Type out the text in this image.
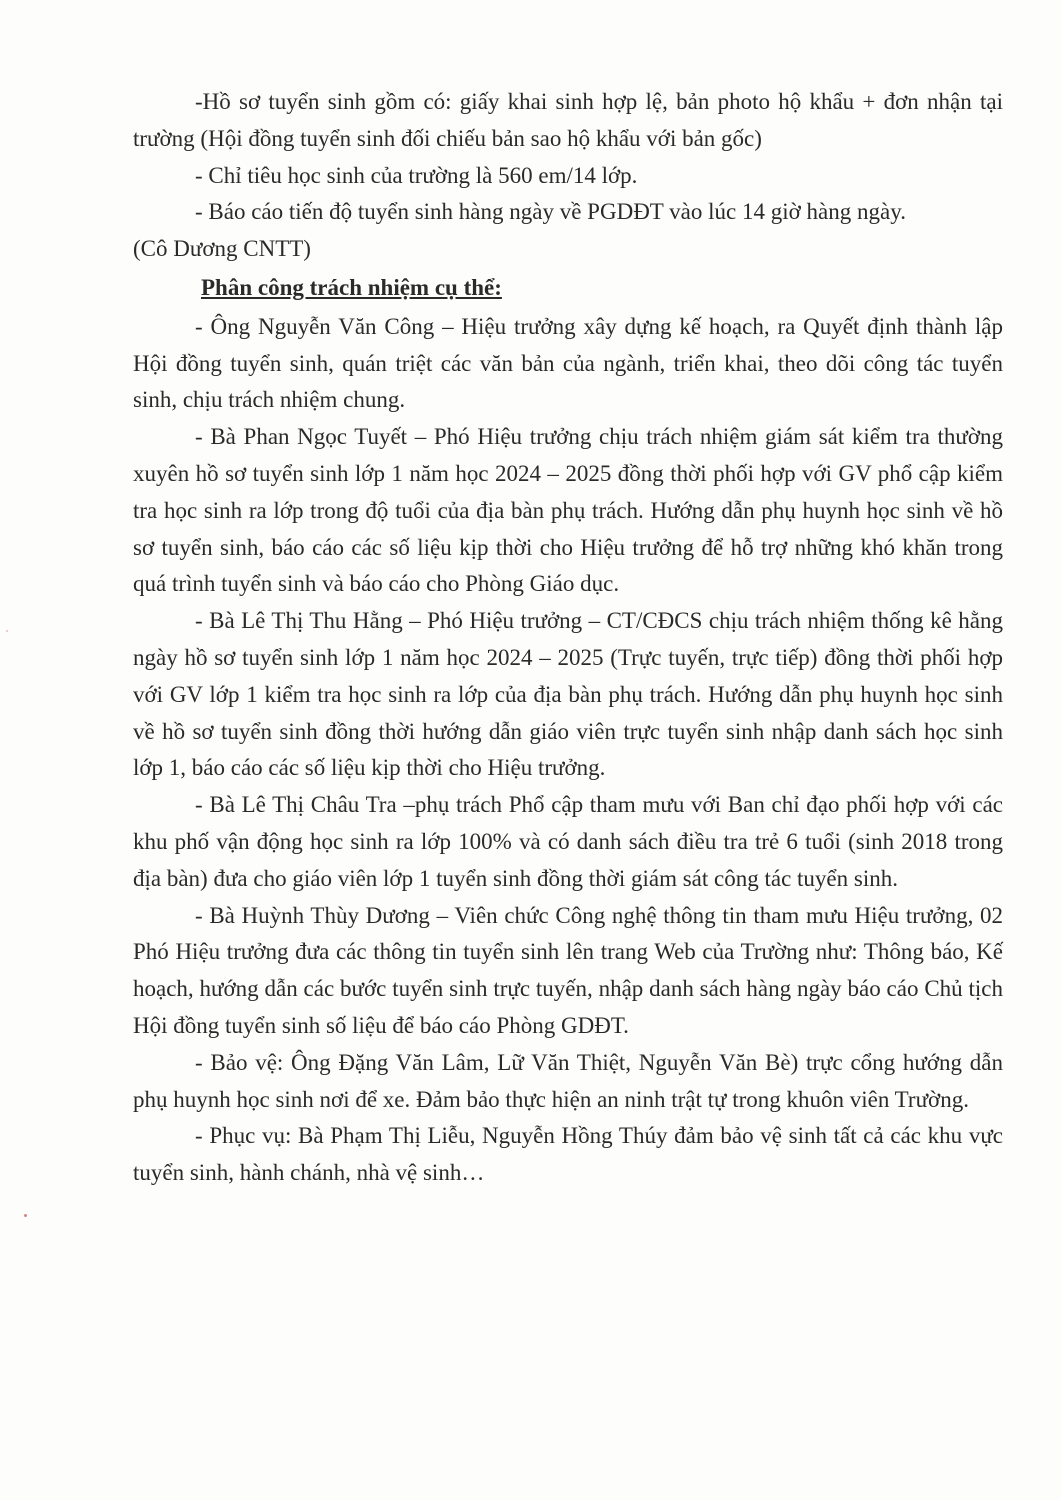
-Hồ sơ tuyển sinh gồm có: giấy khai sinh hợp lệ, bản photo hộ khẩu + đơn nhận tại trường (Hội đồng tuyển sinh đối chiếu bản sao hộ khẩu với bản gốc)

- Chỉ tiêu học sinh của trường là 560 em/14 lớp.

- Báo cáo tiến độ tuyển sinh hàng ngày về PGDĐT vào lúc 14 giờ hàng ngày.

(Cô Dương CNTT)

Phân công trách nhiệm cụ thể:

- Ông Nguyễn Văn Công – Hiệu trưởng xây dựng kế hoạch, ra Quyết định thành lập Hội đồng tuyển sinh, quán triệt các văn bản của ngành, triển khai, theo dõi công tác tuyển sinh, chịu trách nhiệm chung.

- Bà Phan Ngọc Tuyết – Phó Hiệu trưởng chịu trách nhiệm giám sát kiểm tra thường xuyên hồ sơ tuyển sinh lớp 1 năm học 2024 – 2025 đồng thời phối hợp với GV phổ cập kiểm tra học sinh ra lớp trong độ tuổi của địa bàn phụ trách. Hướng dẫn phụ huynh học sinh về hồ sơ tuyển sinh, báo cáo các số liệu kịp thời cho Hiệu trưởng để hỗ trợ những khó khăn trong quá trình tuyển sinh và báo cáo cho Phòng Giáo dục.

- Bà Lê Thị Thu Hằng – Phó Hiệu trưởng – CT/CĐCS chịu trách nhiệm thống kê hằng ngày hồ sơ tuyển sinh lớp 1 năm học 2024 – 2025 (Trực tuyến, trực tiếp) đồng thời phối hợp với GV lớp 1 kiểm tra học sinh ra lớp của địa bàn phụ trách. Hướng dẫn phụ huynh học sinh về hồ sơ tuyển sinh đồng thời hướng dẫn giáo viên trực tuyển sinh nhập danh sách học sinh lớp 1, báo cáo các số liệu kịp thời cho Hiệu trưởng.

- Bà Lê Thị Châu Tra –phụ trách Phổ cập tham mưu với Ban chỉ đạo phối hợp với các khu phố vận động học sinh ra lớp 100% và có danh sách điều tra trẻ 6 tuổi (sinh 2018 trong địa bàn) đưa cho giáo viên lớp 1 tuyển sinh đồng thời giám sát công tác tuyển sinh.

- Bà Huỳnh Thùy Dương – Viên chức Công nghệ thông tin tham mưu Hiệu trưởng, 02 Phó Hiệu trưởng đưa các thông tin tuyển sinh lên trang Web của Trường như: Thông báo, Kế hoạch, hướng dẫn các bước tuyển sinh trực tuyến, nhập danh sách hàng ngày báo cáo Chủ tịch Hội đồng tuyển sinh số liệu để báo cáo Phòng GDĐT.

- Bảo vệ: Ông Đặng Văn Lâm, Lữ Văn Thiệt, Nguyễn Văn Bè) trực cổng hướng dẫn phụ huynh học sinh nơi để xe. Đảm bảo thực hiện an ninh trật tự trong khuôn viên Trường.

- Phục vụ: Bà Phạm Thị Liễu, Nguyễn Hồng Thúy đảm bảo vệ sinh tất cả các khu vực tuyển sinh, hành chánh, nhà vệ sinh…
